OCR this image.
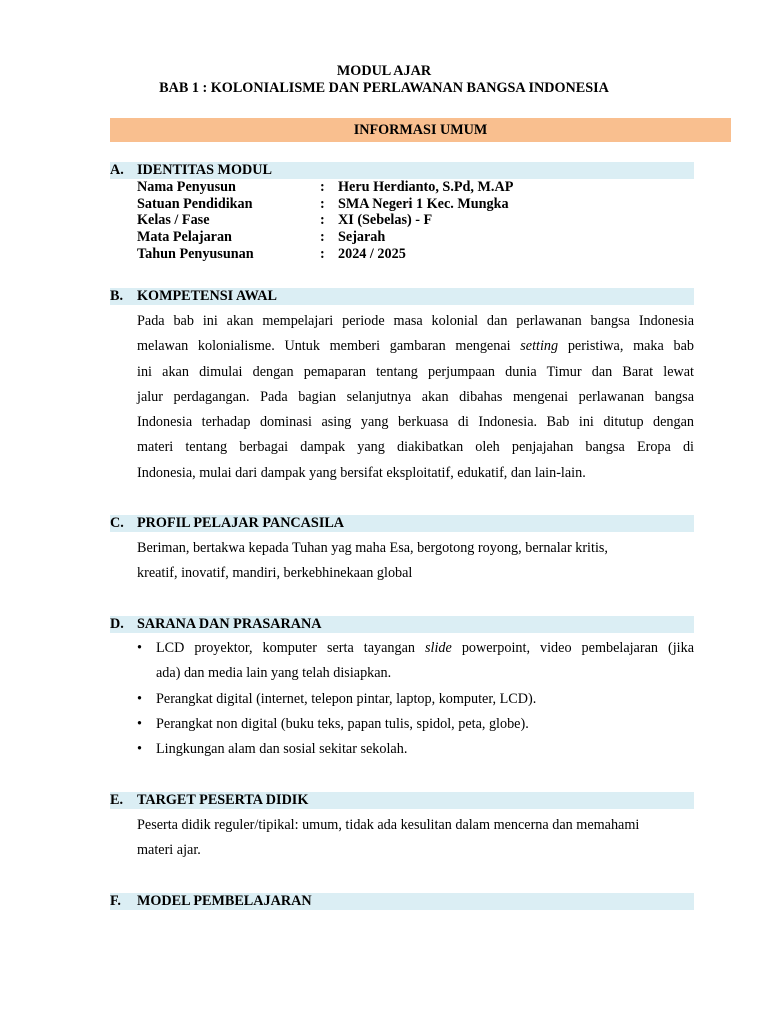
MODUL AJAR
BAB 1 : KOLONIALISME DAN PERLAWANAN BANGSA INDONESIA
INFORMASI UMUM
A. IDENTITAS MODUL
Nama Penyusun	: Heru Herdianto, S.Pd, M.AP
Satuan Pendidikan	: SMA Negeri 1 Kec. Mungka
Kelas / Fase	: XI (Sebelas) - F
Mata Pelajaran	: Sejarah
Tahun Penyusunan	: 2024 / 2025
B. KOMPETENSI AWAL
Pada bab ini akan mempelajari periode masa kolonial dan perlawanan bangsa Indonesia
melawan kolonialisme. Untuk memberi gambaran mengenai setting peristiwa, maka bab
ini akan dimulai dengan pemaparan tentang perjumpaan dunia Timur dan Barat lewat
jalur perdagangan. Pada bagian selanjutnya akan dibahas mengenai perlawanan bangsa
Indonesia terhadap dominasi asing yang berkuasa di Indonesia. Bab ini ditutup dengan
materi tentang berbagai dampak yang diakibatkan oleh penjajahan bangsa Eropa di
Indonesia, mulai dari dampak yang bersifat eksploitatif, edukatif, dan lain-lain.
C. PROFIL PELAJAR PANCASILA
Beriman, bertakwa kepada Tuhan yag maha Esa, bergotong royong, bernalar kritis,
kreatif, inovatif, mandiri, berkebhinekaan global
D. SARANA DAN PRASARANA
• LCD proyektor, komputer serta tayangan slide powerpoint, video pembelajaran (jika
ada) dan media lain yang telah disiapkan.
• Perangkat digital (internet, telepon pintar, laptop, komputer, LCD).
• Perangkat non digital (buku teks, papan tulis, spidol, peta, globe).
• Lingkungan alam dan sosial sekitar sekolah.
E. TARGET PESERTA DIDIK
Peserta didik reguler/tipikal: umum, tidak ada kesulitan dalam mencerna dan memahami
materi ajar.
F. MODEL PEMBELAJARAN
